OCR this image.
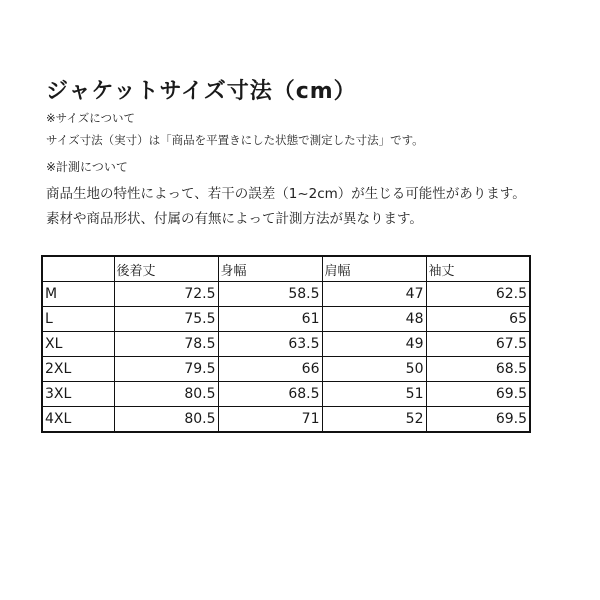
ジャケットサイズ寸法（cm）
※サイズについて
サイズ寸法（実寸）は「商品を平置きにした状態で測定した寸法」です。
※計測について
商品生地の特性によって、若干の誤差（1~2cm）が生じる可能性があります。
素材や商品形状、付属の有無によって計測方法が異なります。
	後着丈	身幅	肩幅	袖丈
M	72.5	58.5	47	62.5
L	75.5	61	48	65
XL	78.5	63.5	49	67.5
2XL	79.5	66	50	68.5
3XL	80.5	68.5	51	69.5
4XL	80.5	71	52	69.5
